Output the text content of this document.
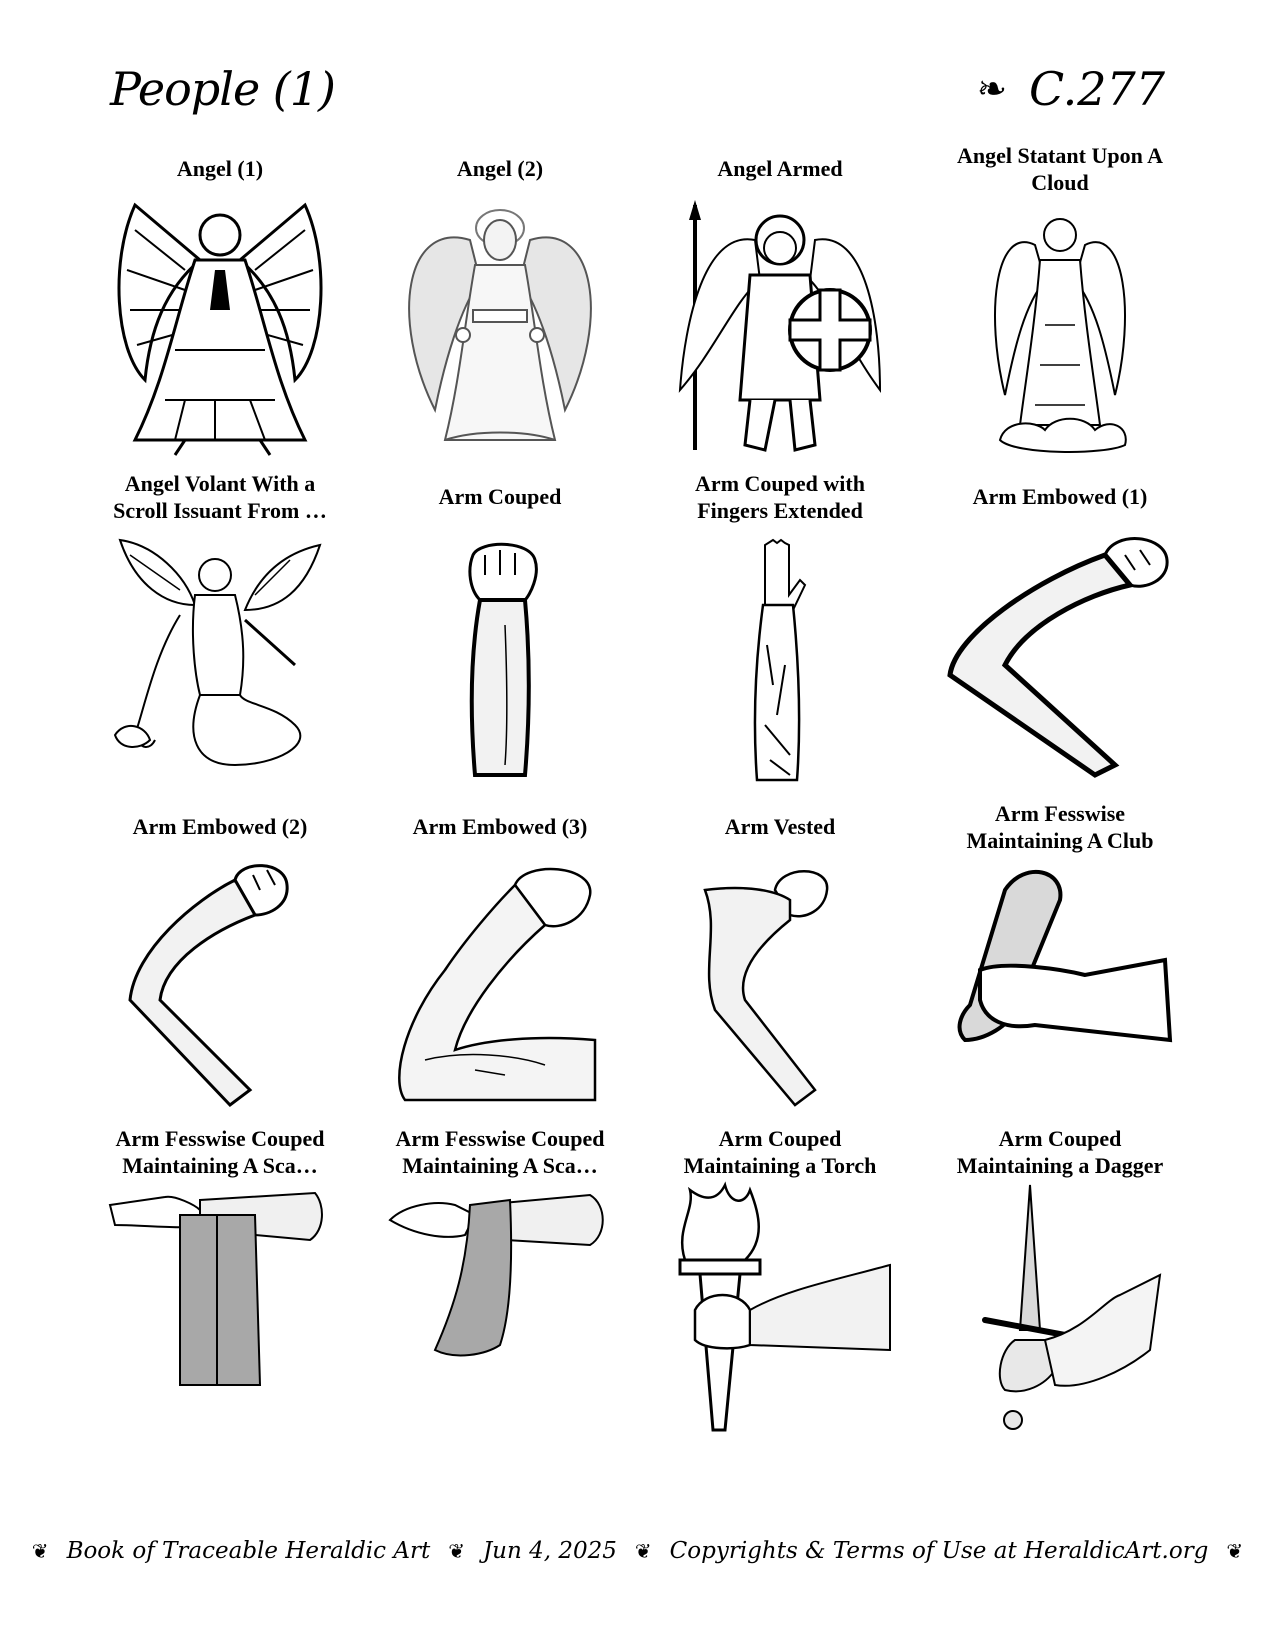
People (1)	❧ C.277
Angel (1)	Angel (2)	Angel Armed
Angel Statant Upon A Cloud
Angel Volant With a Scroll Issuant From …
Arm Couped
Arm Couped with Fingers Extended
Arm Embowed (1)
Arm Embowed (2)	Arm Embowed (3)	Arm Vested
Arm Fesswise Maintaining A Club
Arm Fesswise Couped Maintaining A Sca…
Arm Fesswise Couped Maintaining A Sca…
Arm Couped Maintaining a Torch
Arm Couped Maintaining a Dagger
❦ Book of Traceable Heraldic Art ❦ Jun 4, 2025 ❦ Copyrights & Terms of Use at HeraldicArt.org ❦
